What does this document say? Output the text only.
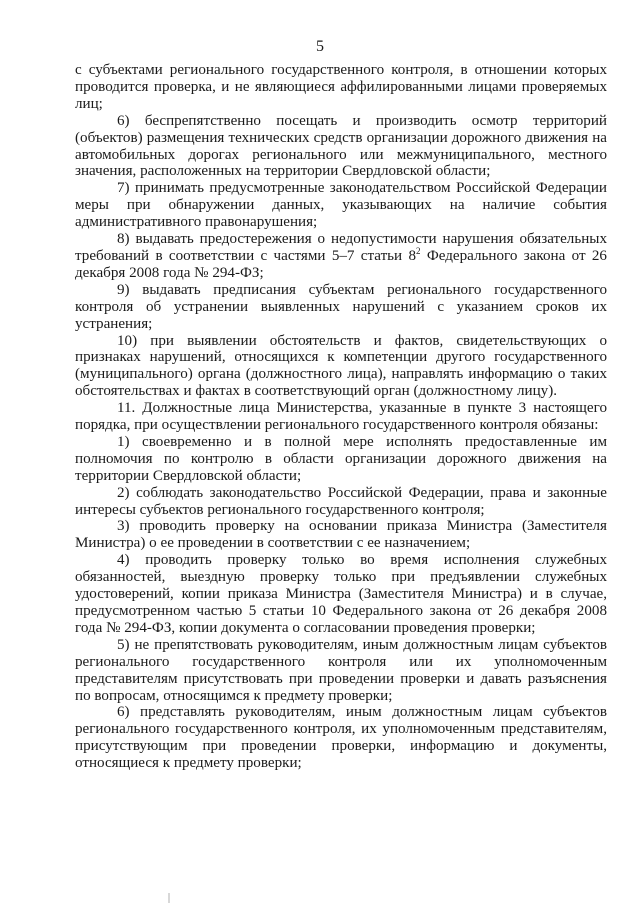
5

с субъектами регионального государственного контроля, в отношении которых проводится проверка, и не являющиеся аффилированными лицами проверяемых лиц;

6) беспрепятственно посещать и производить осмотр территорий (объектов) размещения технических средств организации дорожного движения на автомобильных дорогах регионального или межмуниципального, местного значения, расположенных на территории Свердловской области;

7) принимать предусмотренные законодательством Российской Федерации меры при обнаружении данных, указывающих на наличие события административного правонарушения;

8) выдавать предостережения о недопустимости нарушения обязательных требований в соответствии с частями 5–7 статьи $8^2$ Федерального закона от 26 декабря 2008 года № 294-ФЗ;

9) выдавать предписания субъектам регионального государственного контроля об устранении выявленных нарушений с указанием сроков их устранения;

10) при выявлении обстоятельств и фактов, свидетельствующих о признаках нарушений, относящихся к компетенции другого государственного (муниципального) органа (должностного лица), направлять информацию о таких обстоятельствах и фактах в соответствующий орган (должностному лицу).

11. Должностные лица Министерства, указанные в пункте 3 настоящего порядка, при осуществлении регионального государственного контроля обязаны:

1) своевременно и в полной мере исполнять предоставленные им полномочия по контролю в области организации дорожного движения на территории Свердловской области;

2) соблюдать законодательство Российской Федерации, права и законные интересы субъектов регионального государственного контроля;

3) проводить проверку на основании приказа Министра (Заместителя Министра) о ее проведении в соответствии с ее назначением;

4) проводить проверку только во время исполнения служебных обязанностей, выездную проверку только при предъявлении служебных удостоверений, копии приказа Министра (Заместителя Министра) и в случае, предусмотренном частью 5 статьи 10 Федерального закона от 26 декабря 2008 года № 294-ФЗ, копии документа о согласовании проведения проверки;

5) не препятствовать руководителям, иным должностным лицам субъектов регионального государственного контроля или их уполномоченным представителям присутствовать при проведении проверки и давать разъяснения по вопросам, относящимся к предмету проверки;

6) представлять руководителям, иным должностным лицам субъектов регионального государственного контроля, их уполномоченным представителям, присутствующим при проведении проверки, информацию и документы, относящиеся к предмету проверки;
